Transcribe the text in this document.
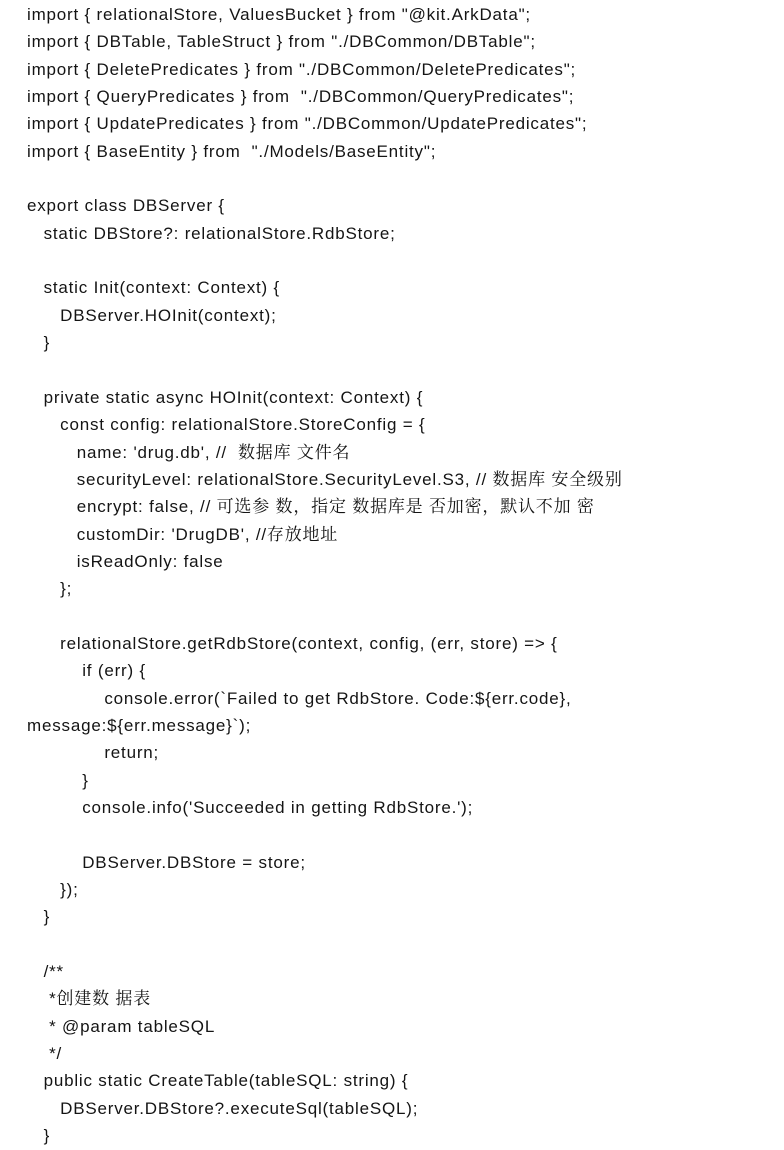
import { relationalStore, ValuesBucket } from "@kit.ArkData";
import { DBTable, TableStruct } from "./DBCommon/DBTable";
import { DeletePredicates } from "./DBCommon/DeletePredicates";
import { QueryPredicates } from  "./DBCommon/QueryPredicates";
import { UpdatePredicates } from "./DBCommon/UpdatePredicates";
import { BaseEntity } from  "./Models/BaseEntity";
export class DBServer {
static DBStore?: relationalStore.RdbStore;
static Init(context: Context) {
DBServer.HOInit(context);
}
private static async HOInit(context: Context) {
const config: relationalStore.StoreConfig = {
name: 'drug.db', //  数据库 文件名
securityLevel: relationalStore.SecurityLevel.S3, // 数据库 安全级别
encrypt: false, // 可选参 数，指定 数据库是 否加密，默认不加 密
customDir: 'DrugDB', //存放地址
isReadOnly: false
};
relationalStore.getRdbStore(context, config, (err, store) => {
if (err) {
console.error(`Failed to get RdbStore. Code:${err.code},
message:${err.message}`);
return;
}
console.info('Succeeded in getting RdbStore.');
DBServer.DBStore = store;
});
}
/**
*创建数 据表
* @param tableSQL
*/
public static CreateTable(tableSQL: string) {
DBServer.DBStore?.executeSql(tableSQL);
}
